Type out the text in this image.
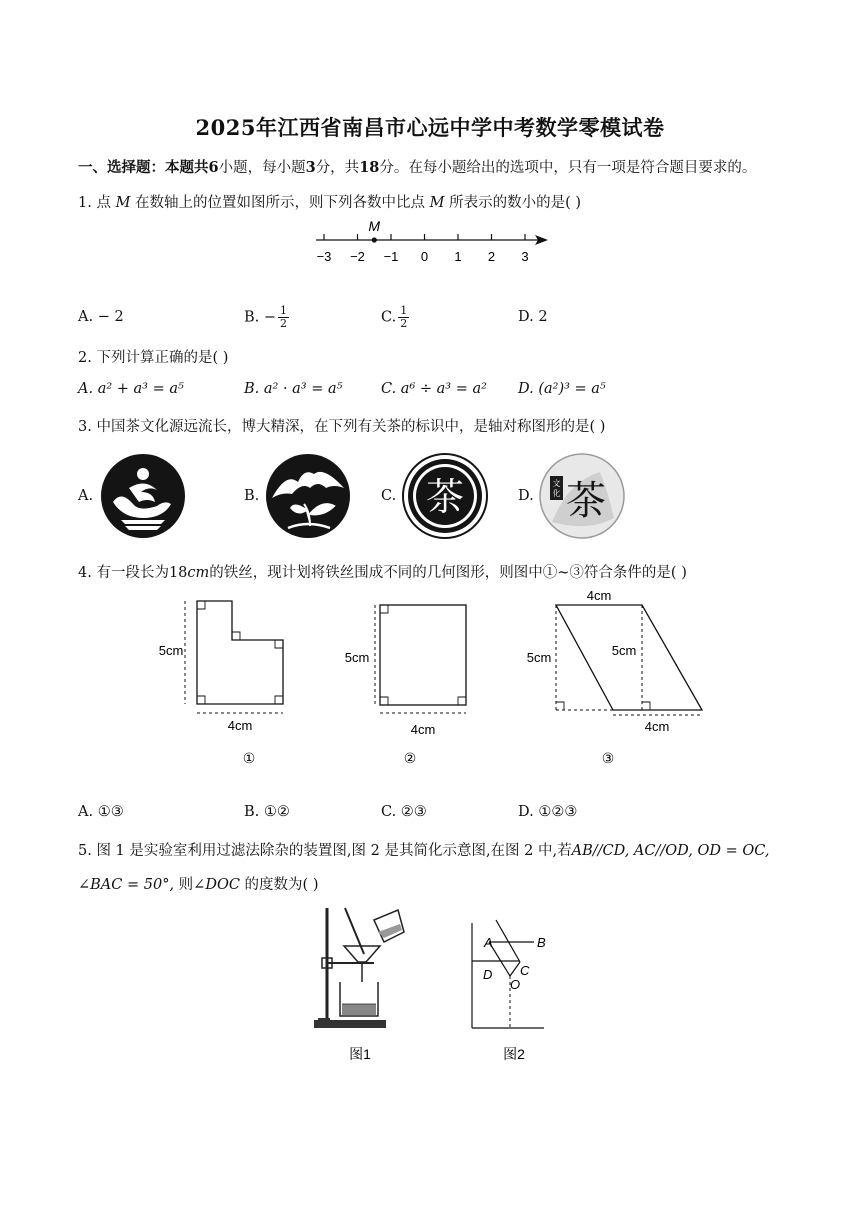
2025年江西省南昌市心远中学中考数学零模试卷
一、选择题：本题共6小题，每小题3分，共18分。在每小题给出的选项中，只有一项是符合题目要求的。
1. 点 M 在数轴上的位置如图所示，则下列各数中比点 M 所表示的数小的是( )
−3 −2 −1 0 1 2 3
M
A. − 2	B. − $\frac{1}{2}$	C. $\frac{1}{2}$	D. 2
2. 下列计算正确的是( )
A. a² + a³ = a⁵	B. a² · a³ = a⁵	C. a⁶ ÷ a³ = a² D. (a²)³ = a⁵
3. 中国茶文化源远流长，博大精深，在下列有关茶的标识中，是轴对称图形的是( )
A.	B.	C. 茶	D.
文
化 茶
4. 有一段长为18cm的铁丝，现计划将铁丝围成不同的几何图形，则图中①~③符合条件的是( )
5cm
4cm
①
5cm
4cm
②
4cm
5cm	5cm
4cm
③
A. ①③	B. ①②	C. ②③	D. ①②③
5. 图 1 是实验室利用过滤法除杂的装置图,图 2 是其简化示意图,在图 2 中,若AB//CD, AC//OD, OD = OC,
∠BAC = 50°, 则∠DOC 的度数为( )
图1
A	B
C
D
O
图2
